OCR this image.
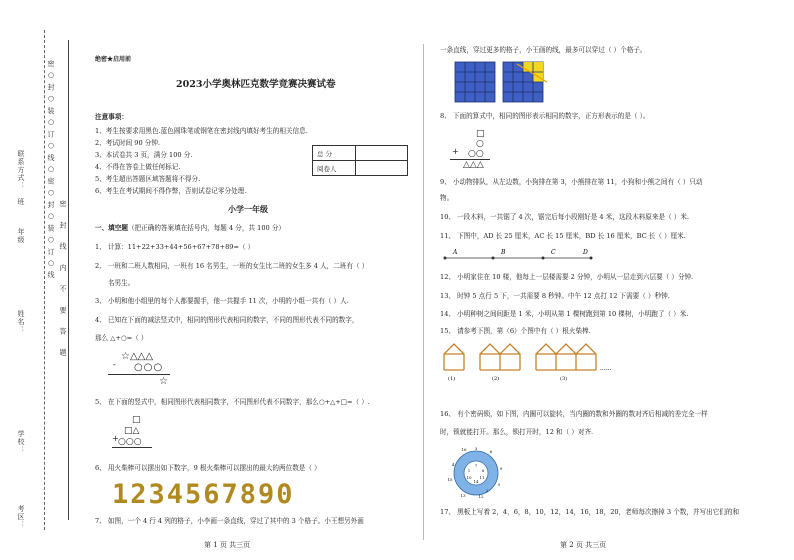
密 ○ 封 ○ 装 ○ 订 ○ 线 ○ 密 ○ 封 ○ 装 ○ 订 ○ 线
密 封 线 内 不 要 答 题
联系方式：
班
年级
姓名：
学校：
考区：
绝密★启用前
2023小学奥林匹克数学竞赛决赛试卷
注意事项：
1、考生按要求用黑色.蓝色圆珠笔或钢笔在密封线内填好考生的相关信息.
2、考试时间 90 分钟.
3、本试卷共 3 页，满分 100 分.
4、不得在答卷上做任何标记.
5、考生超出答题区域答题将不得分.
6、考生在考试期间不得作弊，否则试卷记零分处理.
总 分	
阅卷人	
小学一年级
一、填空题（把正确的答案填在括号内，每题 4 分，共 100 分）
1、 计算：11+22+33+44+56+67+78+89=（ ）
2、 一班和二班人数相同，一班有 16 名男生，一班的女生比二班的女生多 4 人，二班有（ ）
名男生。
3、 小明和他小组里的每个人都要握手，他一共握手 11 次，小明的小组一共有（ ）人.
4、 已知在下面的减法竖式中，相同的图形代表相同的数字，不同的图形代表不同的数字，
那么 △+○=（ ）
☆△△△
- ○○○
☆
5、 在下面的竖式中，相同图形代表相同数字，不同图形代表不同数字，那么○+△+□=（ ）.
□
□△
+ ○○○
6、 用火柴棒可以摆出如下数字，9 根火柴棒可以摆出的最大的两位数是（ ）
1234567890
7、 如图，一个 4 行 4 列的格子，小李画一条直线，穿过了其中的 3 个格子。小王想另外画
第 1 页 共三页
一条直线，穿过更多的格子，小王画的线，最多可以穿过（ ）个格子。
8、 下面的算式中，相同的图形表示相同的数字，正方形表示的是（ ）。
□
○
+ ○○
△△△
9、 小动物排队，从左边数，小狗排在第 3，小熊排在第 11，小狗和小熊之间有（ ）只动
物。
10、 一段木料，一共锯了 4 次，锯完后每小段刚好是 4 米，这段木料原来是（ ）米.
11、 下图中，AD 长 25 厘米，AC 长 15 厘米，BD 长 16 厘米，BC 长（ ）厘米.
A	B	C	D
12、 小明家住在 10 楼，他每上一层楼需要 2 分钟，小明从一层走到六层要（ ）分钟.
13、 时钟 5 点行 5 下，一共需要 8 秒钟。中午 12 点打 12 下需要（ ）秒钟.
14、 小明种树之间间距是 1 米，小明从第 1 棵树跑到第 10 棵树，小明跑了（ ）米.
15、 请参考下图，第（6）个图中有（ ）根火柴棒.
(1)	(2)	(3)
......
16、 有个密码锁，如下图，内圈可以旋转，当内圈的数和外圈的数对齐后相减的差完全一样
时，锁就能打开。那么，锁打开时，12 和（ ）对齐.
16 3
6
4
15
13	12
5
9
7
1	8
10 11
14
2
17、 黑板上写着 2，4，6，8，10，12，14，16，18，20，老师每次擦掉 3 个数，并写出它们的和
第 2 页 共三页
